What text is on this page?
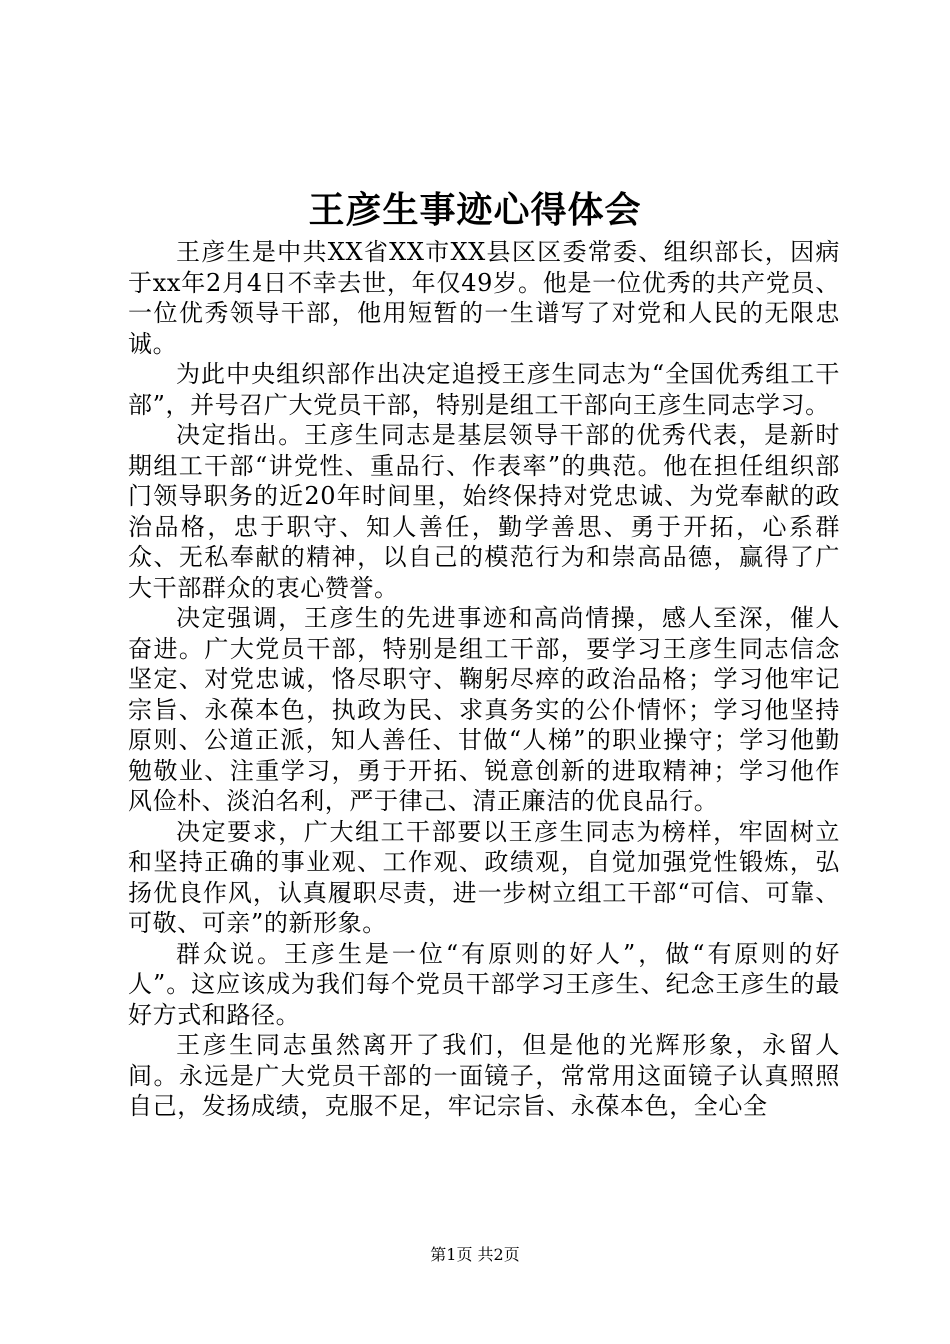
王彦生事迹心得体会

王彦生是中共XX省XX市XX县区区委常委、组织部长，因病于xx年2月4日不幸去世，年仅49岁。他是一位优秀的共产党员、一位优秀领导干部，他用短暂的一生谱写了对党和人民的无限忠诚。

为此中央组织部作出决定追授王彦生同志为“全国优秀组工干部”，并号召广大党员干部，特别是组工干部向王彦生同志学习。

决定指出。王彦生同志是基层领导干部的优秀代表，是新时期组工干部“讲党性、重品行、作表率”的典范。他在担任组织部门领导职务的近20年时间里，始终保持对党忠诚、为党奉献的政治品格，忠于职守、知人善任，勤学善思、勇于开拓，心系群众、无私奉献的精神，以自己的模范行为和崇高品德，赢得了广大干部群众的衷心赞誉。

决定强调，王彦生的先进事迹和高尚情操，感人至深，催人奋进。广大党员干部，特别是组工干部，要学习王彦生同志信念坚定、对党忠诚，恪尽职守、鞠躬尽瘁的政治品格；学习他牢记宗旨、永葆本色，执政为民、求真务实的公仆情怀；学习他坚持原则、公道正派，知人善任、甘做“人梯”的职业操守；学习他勤勉敬业、注重学习，勇于开拓、锐意创新的进取精神；学习他作风俭朴、淡泊名利，严于律己、清正廉洁的优良品行。

决定要求，广大组工干部要以王彦生同志为榜样，牢固树立和坚持正确的事业观、工作观、政绩观，自觉加强党性锻炼，弘扬优良作风，认真履职尽责，进一步树立组工干部“可信、可靠、可敬、可亲”的新形象。

群众说。王彦生是一位“有原则的好人”，做“有原则的好人”。这应该成为我们每个党员干部学习王彦生、纪念王彦生的最好方式和路径。

王彦生同志虽然离开了我们，但是他的光辉形象，永留人间。永远是广大党员干部的一面镜子，常常用这面镜子认真照照自己，发扬成绩，克服不足，牢记宗旨、永葆本色，全心全

第1页 共2页
